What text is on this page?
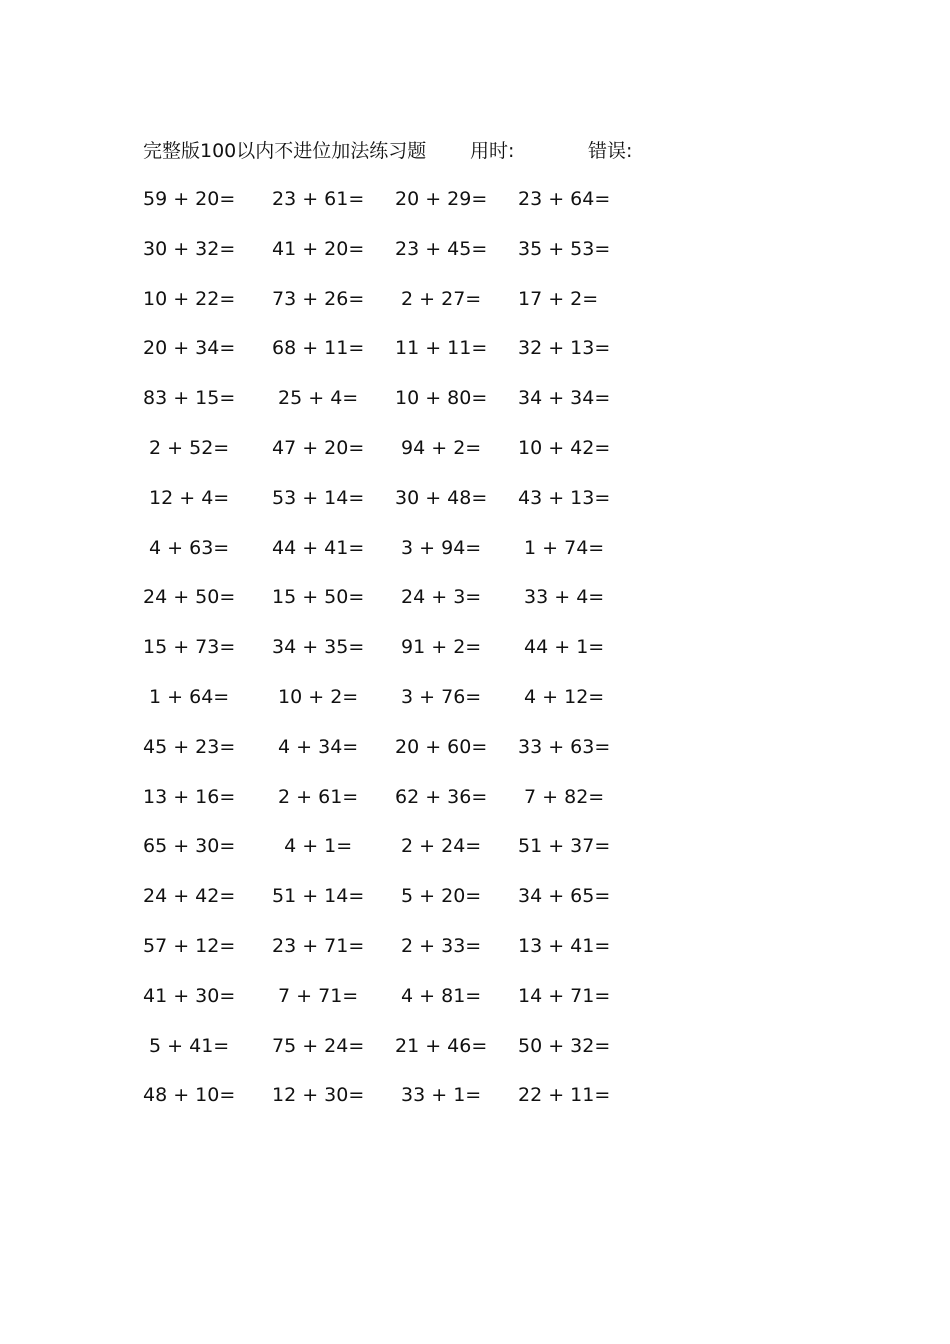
完整版100以内不进位加法练习题 用时:	错误:
59 + 20= 23 + 61= 20 + 29= 23 + 64=
30 + 32= 41 + 20= 23 + 45= 35 + 53=
10 + 22= 73 + 26= 2 + 27= 17 + 2=
20 + 34= 68 + 11= 11 + 11= 32 + 13=
83 + 15= 25 + 4= 10 + 80= 34 + 34=
2 + 52= 47 + 20= 94 + 2= 10 + 42=
12 + 4= 53 + 14= 30 + 48= 43 + 13=
4 + 63= 44 + 41= 3 + 94= 1 + 74=
24 + 50= 15 + 50= 24 + 3= 33 + 4=
15 + 73= 34 + 35= 91 + 2= 44 + 1=
1 + 64= 10 + 2= 3 + 76= 4 + 12=
45 + 23= 4 + 34= 20 + 60= 33 + 63=
13 + 16= 2 + 61= 62 + 36= 7 + 82=
65 + 30= 4 + 1= 2 + 24= 51 + 37=
24 + 42= 51 + 14= 5 + 20= 34 + 65=
57 + 12= 23 + 71= 2 + 33= 13 + 41=
41 + 30= 7 + 71= 4 + 81= 14 + 71=
5 + 41= 75 + 24= 21 + 46= 50 + 32=
48 + 10= 12 + 30= 33 + 1= 22 + 11=
